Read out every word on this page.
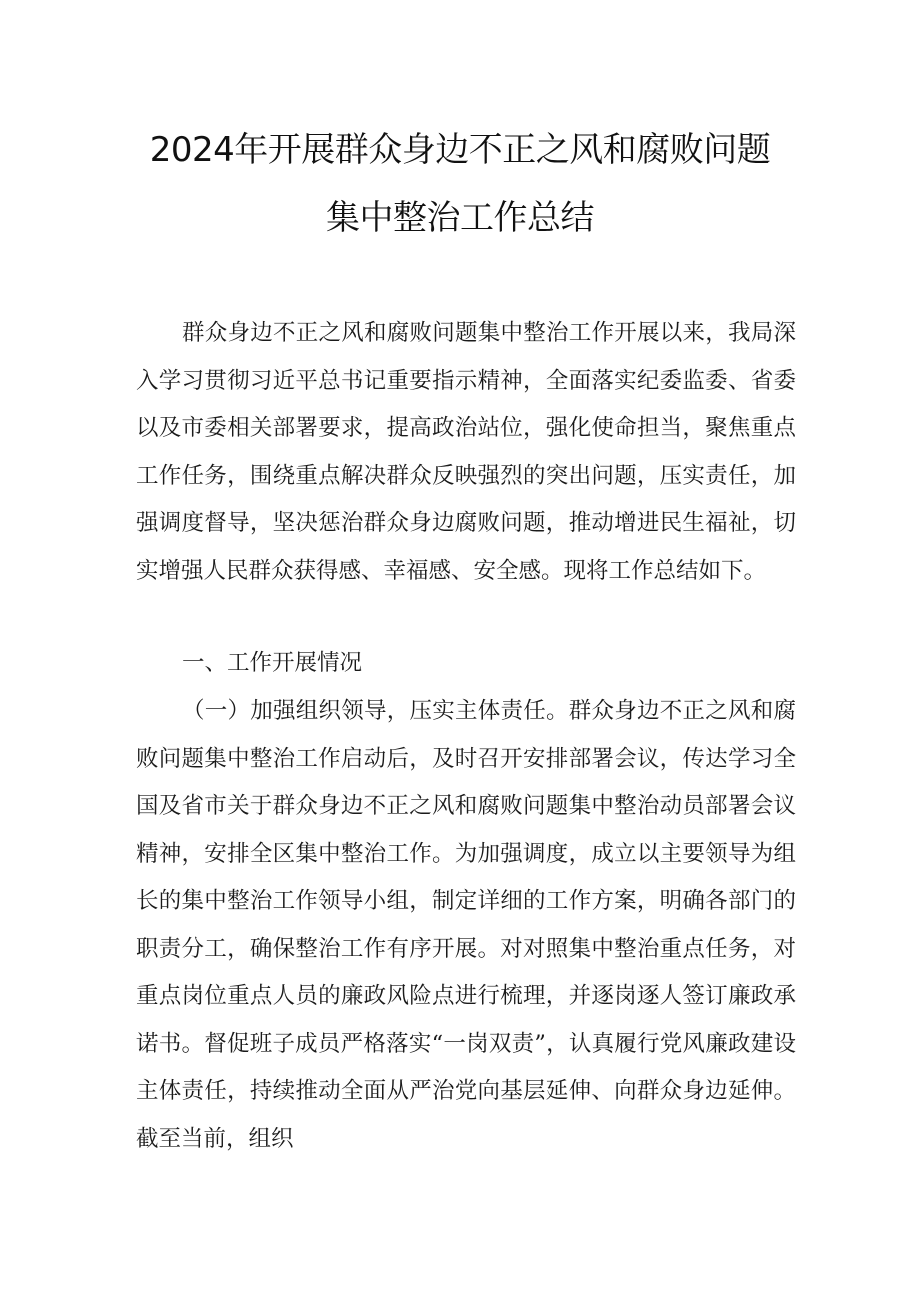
2024年开展群众身边不正之风和腐败问题
集中整治工作总结

群众身边不正之风和腐败问题集中整治工作开展以来，我局深入学习贯彻习近平总书记重要指示精神，全面落实纪委监委、省委以及市委相关部署要求，提高政治站位，强化使命担当，聚焦重点工作任务，围绕重点解决群众反映强烈的突出问题，压实责任，加强调度督导，坚决惩治群众身边腐败问题，推动增进民生福祉，切实增强人民群众获得感、幸福感、安全感。现将工作总结如下。

一、工作开展情况

（一）加强组织领导，压实主体责任。群众身边不正之风和腐败问题集中整治工作启动后，及时召开安排部署会议，传达学习全国及省市关于群众身边不正之风和腐败问题集中整治动员部署会议精神，安排全区集中整治工作。为加强调度，成立以主要领导为组长的集中整治工作领导小组，制定详细的工作方案，明确各部门的职责分工，确保整治工作有序开展。对对照集中整治重点任务，对重点岗位重点人员的廉政风险点进行梳理，并逐岗逐人签订廉政承诺书。督促班子成员严格落实“一岗双责”，认真履行党风廉政建设主体责任，持续推动全面从严治党向基层延伸、向群众身边延伸。截至当前，组织
